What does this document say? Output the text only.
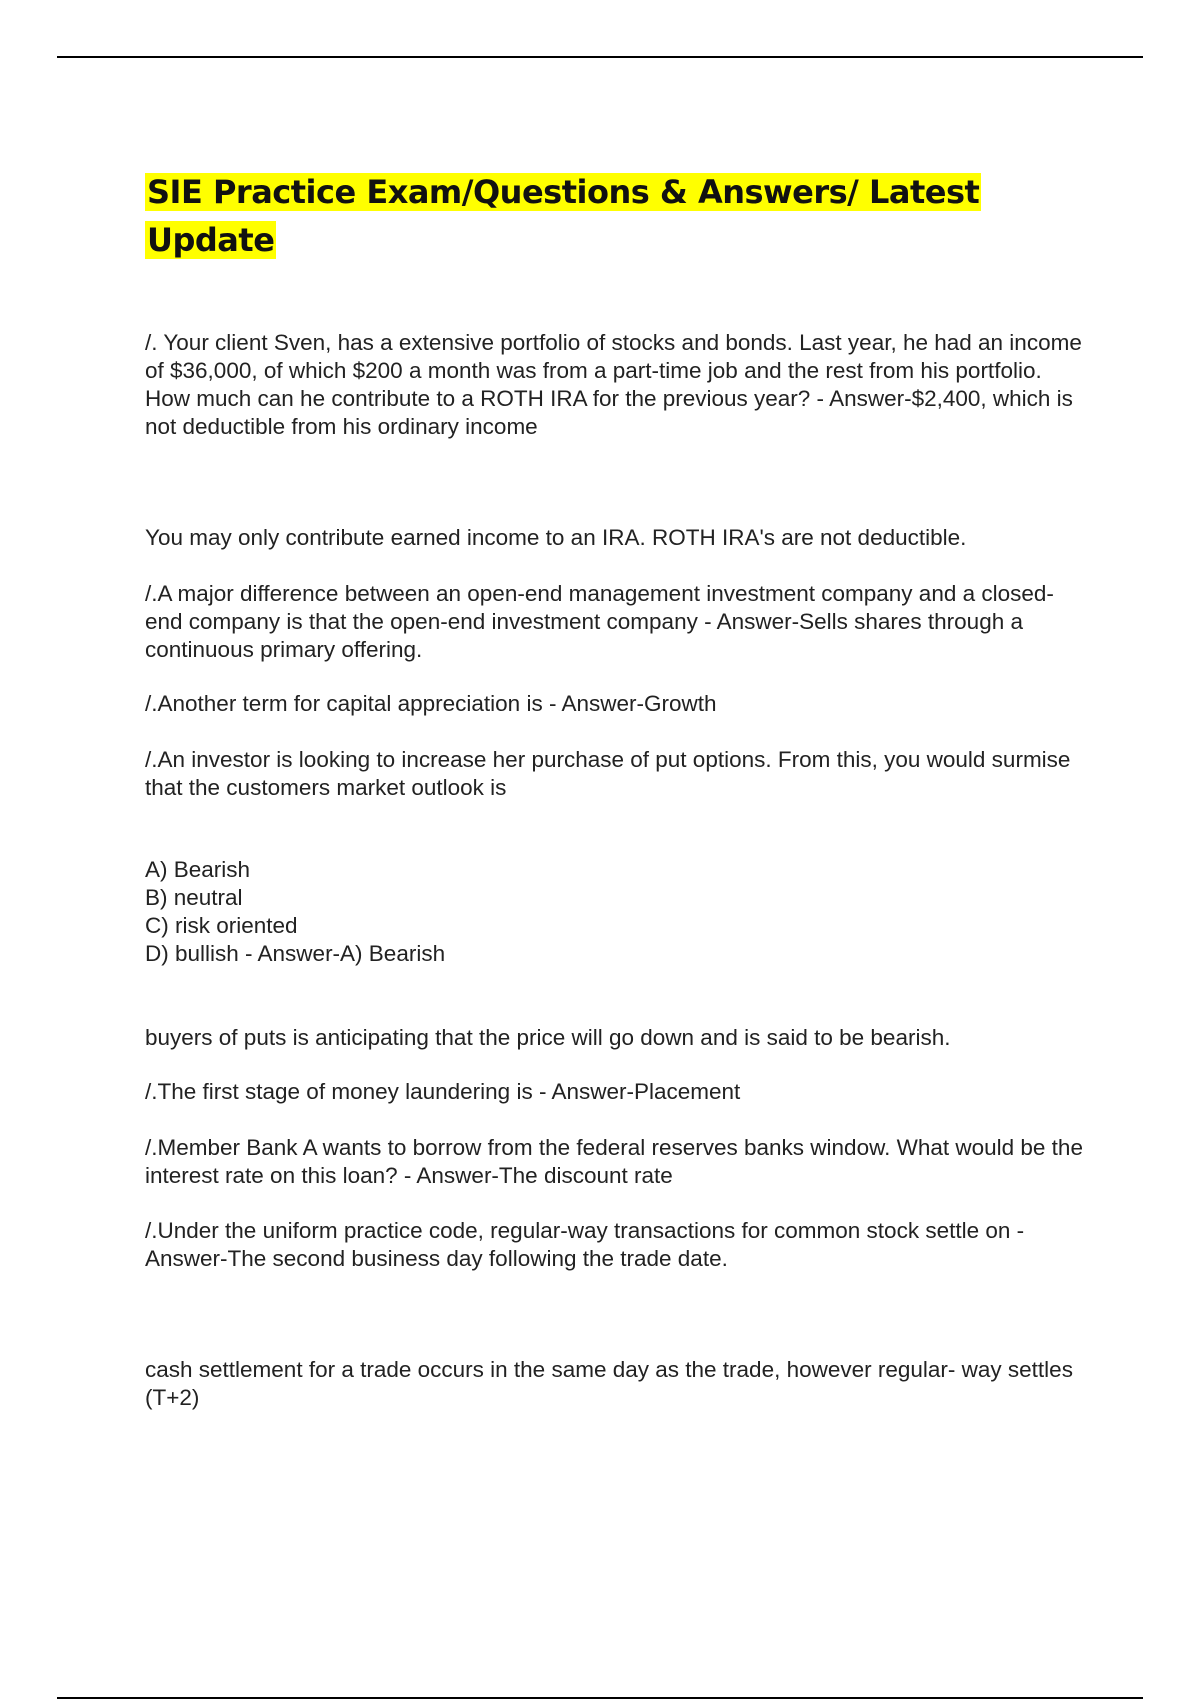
SIE Practice Exam/Questions & Answers/ Latest Update

/. Your client Sven, has a extensive portfolio of stocks and bonds. Last year, he had an income of $36,000, of which $200 a month was from a part-time job and the rest from his portfolio. How much can he contribute to a ROTH IRA for the previous year? - Answer-$2,400, which is not deductible from his ordinary income

You may only contribute earned income to an IRA. ROTH IRA's are not deductible.

/.A major difference between an open-end management investment company and a closed-end company is that the open-end investment company - Answer-Sells shares through a continuous primary offering.

/.Another term for capital appreciation is - Answer-Growth

/.An investor is looking to increase her purchase of put options. From this, you would surmise that the customers market outlook is

A) Bearish
B) neutral
C) risk oriented
D) bullish - Answer-A) Bearish

buyers of puts is anticipating that the price will go down and is said to be bearish.

/.The first stage of money laundering is - Answer-Placement

/.Member Bank A wants to borrow from the federal reserves banks window. What would be the interest rate on this loan? - Answer-The discount rate

/.Under the uniform practice code, regular-way transactions for common stock settle on - Answer-The second business day following the trade date.

cash settlement for a trade occurs in the same day as the trade, however regular- way settles (T+2)
